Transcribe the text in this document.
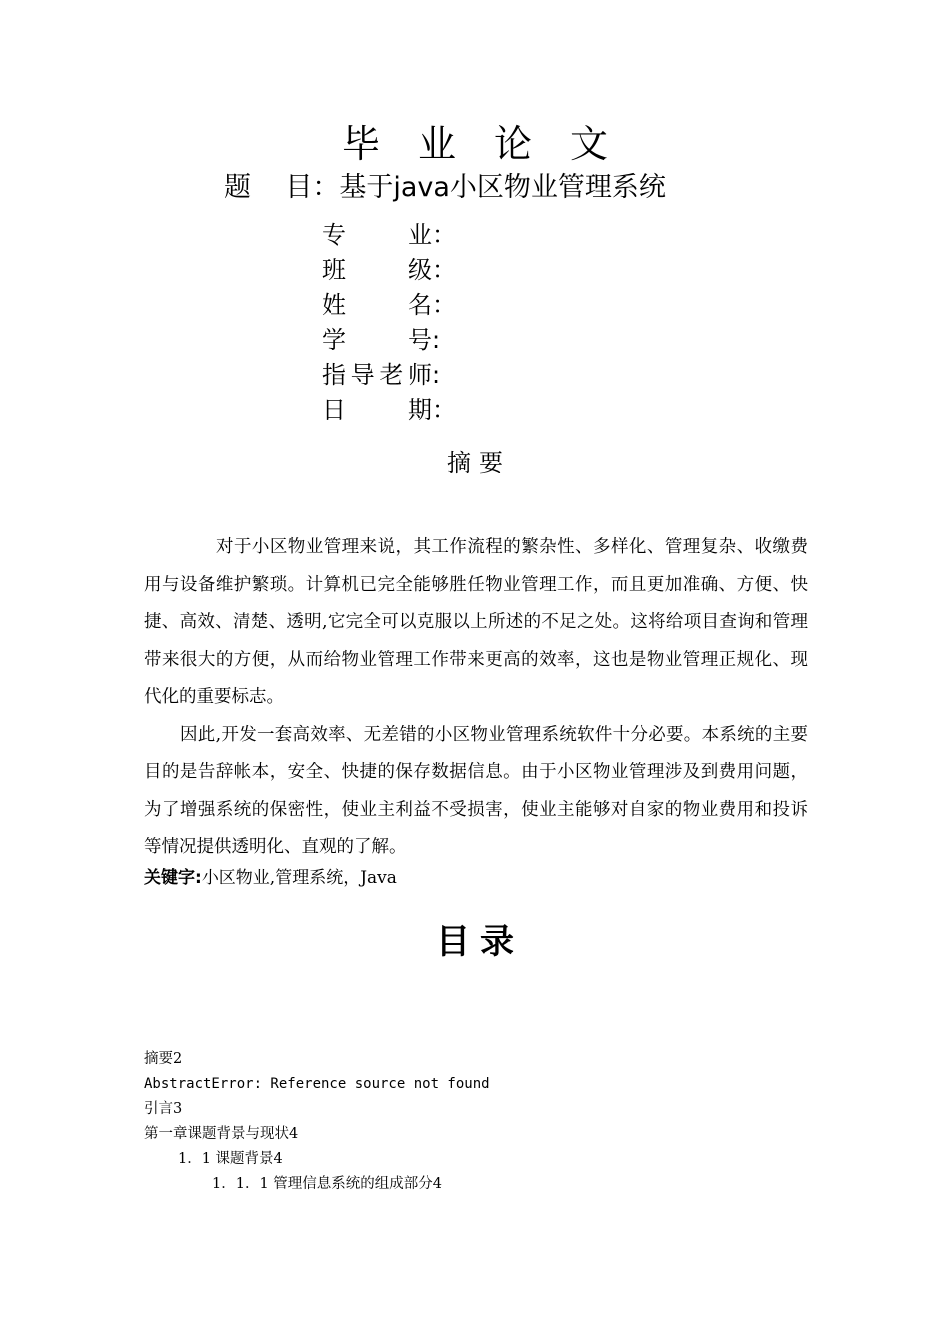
毕业论文
题    目：基于java小区物业管理系统
专业：
班级：
姓名：
学号:
指导老师:
日期：
摘要

对于小区物业管理来说，其工作流程的繁杂性、多样化、管理复杂、收缴费用与设备维护繁琐。计算机已完全能够胜任物业管理工作，而且更加准确、方便、快捷、高效、清楚、透明,它完全可以克服以上所述的不足之处。这将给项目查询和管理带来很大的方便，从而给物业管理工作带来更高的效率，这也是物业管理正规化、现代化的重要标志。

因此,开发一套高效率、无差错的小区物业管理系统软件十分必要。本系统的主要目的是告辞帐本，安全、快捷的保存数据信息。由于小区物业管理涉及到费用问题，为了增强系统的保密性，使业主利益不受损害，使业主能够对自家的物业费用和投诉等情况提供透明化、直观的了解。

关键字:小区物业,管理系统，Java
目录
摘要2
AbstractError: Reference source not found
引言3
第一章课题背景与现状4
1．1 课题背景4
1．1．1 管理信息系统的组成部分4
